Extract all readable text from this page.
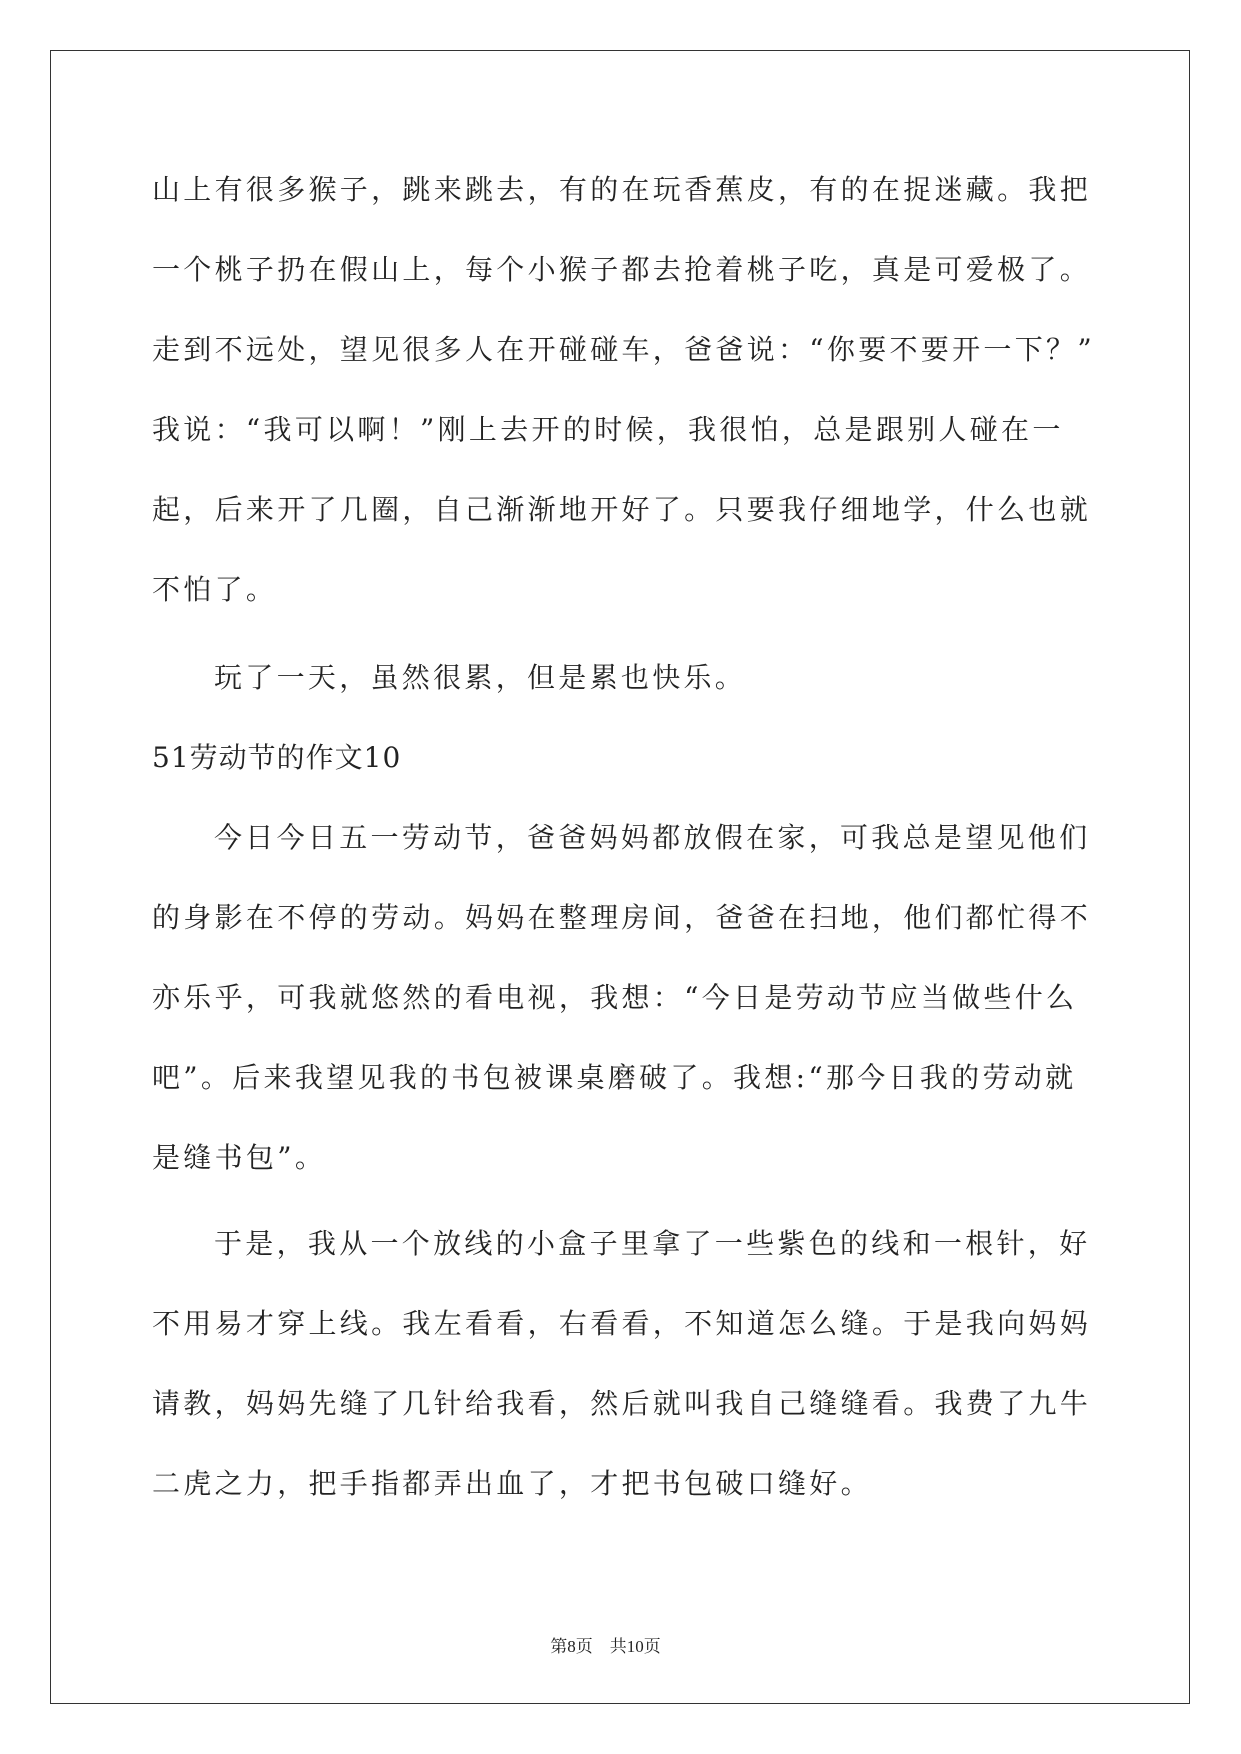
山上有很多猴子，跳来跳去，有的在玩香蕉皮，有的在捉迷藏。我把
一个桃子扔在假山上，每个小猴子都去抢着桃子吃，真是可爱极了。
走到不远处，望见很多人在开碰碰车，爸爸说：“你要不要开一下？”
我说：“我可以啊！”刚上去开的时候，我很怕，总是跟别人碰在一
起，后来开了几圈，自己渐渐地开好了。只要我仔细地学，什么也就
不怕了。
玩了一天，虽然很累，但是累也快乐。
51劳动节的作文10
今日今日五一劳动节，爸爸妈妈都放假在家，可我总是望见他们
的身影在不停的劳动。妈妈在整理房间，爸爸在扫地，他们都忙得不
亦乐乎，可我就悠然的看电视，我想：“今日是劳动节应当做些什么
吧”。后来我望见我的书包被课桌磨破了。我想:“那今日我的劳动就
是缝书包”。
于是，我从一个放线的小盒子里拿了一些紫色的线和一根针，好
不用易才穿上线。我左看看，右看看，不知道怎么缝。于是我向妈妈
请教，妈妈先缝了几针给我看，然后就叫我自己缝缝看。我费了九牛
二虎之力，把手指都弄出血了，才把书包破口缝好。
第8页　共10页
